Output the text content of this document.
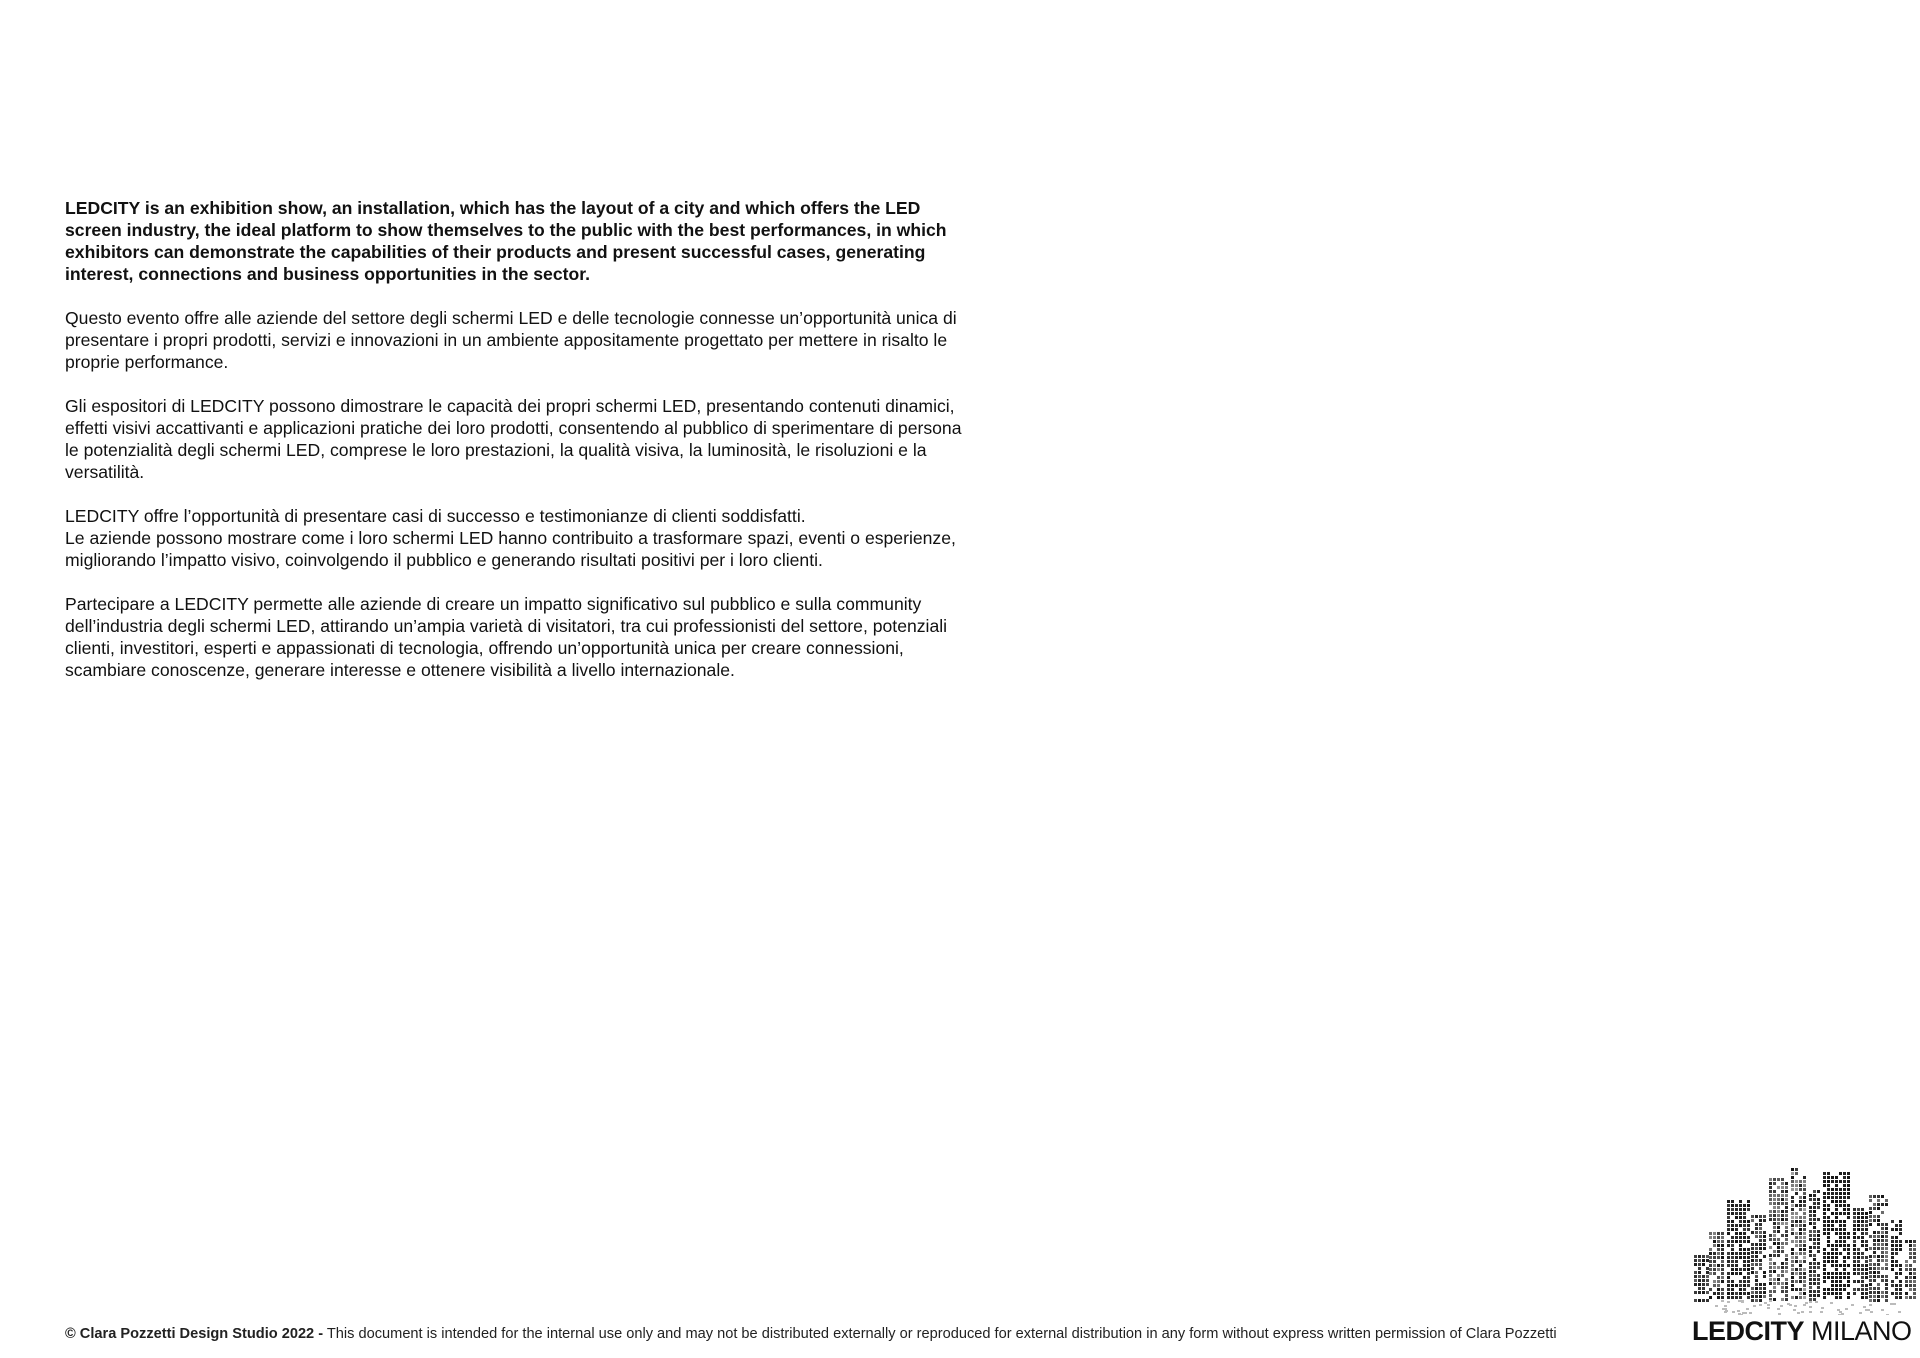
LEDCITY is an exhibition show, an installation, which has the layout of a city and which offers the LED screen industry, the ideal platform to show themselves to the public with the best performances, in which exhibitors can demonstrate the capabilities of their products and present successful cases, generating interest, connections and business opportunities in the sector.

Questo evento offre alle aziende del settore degli schermi LED e delle tecnologie connesse un’opportunità unica di presentare i propri prodotti, servizi e innovazioni in un ambiente appositamente progettato per mettere in risalto le proprie performance.

Gli espositori di LEDCITY possono dimostrare le capacità dei propri schermi LED, presentando contenuti dinamici, effetti visivi accattivanti e applicazioni pratiche dei loro prodotti, consentendo al pubblico di sperimentare di persona le potenzialità degli schermi LED, comprese le loro prestazioni, la qualità visiva, la luminosità, le risoluzioni e la versatilità.

LEDCITY offre l’opportunità di presentare casi di successo e testimonianze di clienti soddisfatti.
Le aziende possono mostrare come i loro schermi LED hanno contribuito a trasformare spazi, eventi o esperienze, migliorando l’impatto visivo, coinvolgendo il pubblico e generando risultati positivi per i loro clienti.

Partecipare a LEDCITY permette alle aziende di creare un impatto significativo sul pubblico e sulla community dell’industria degli schermi LED, attirando un’ampia varietà di visitatori, tra cui professionisti del settore, potenziali clienti, investitori, esperti e appassionati di tecnologia, offrendo un’opportunità unica per creare connessioni, scambiare conoscenze, generare interesse e ottenere visibilità a livello internazionale.

© Clara Pozzetti Design Studio 2022 - This document is intended for the internal use only and may not be distributed externally or reproduced for external distribution in any form without express written permission of Clara Pozzetti	LEDCITY MILANO
